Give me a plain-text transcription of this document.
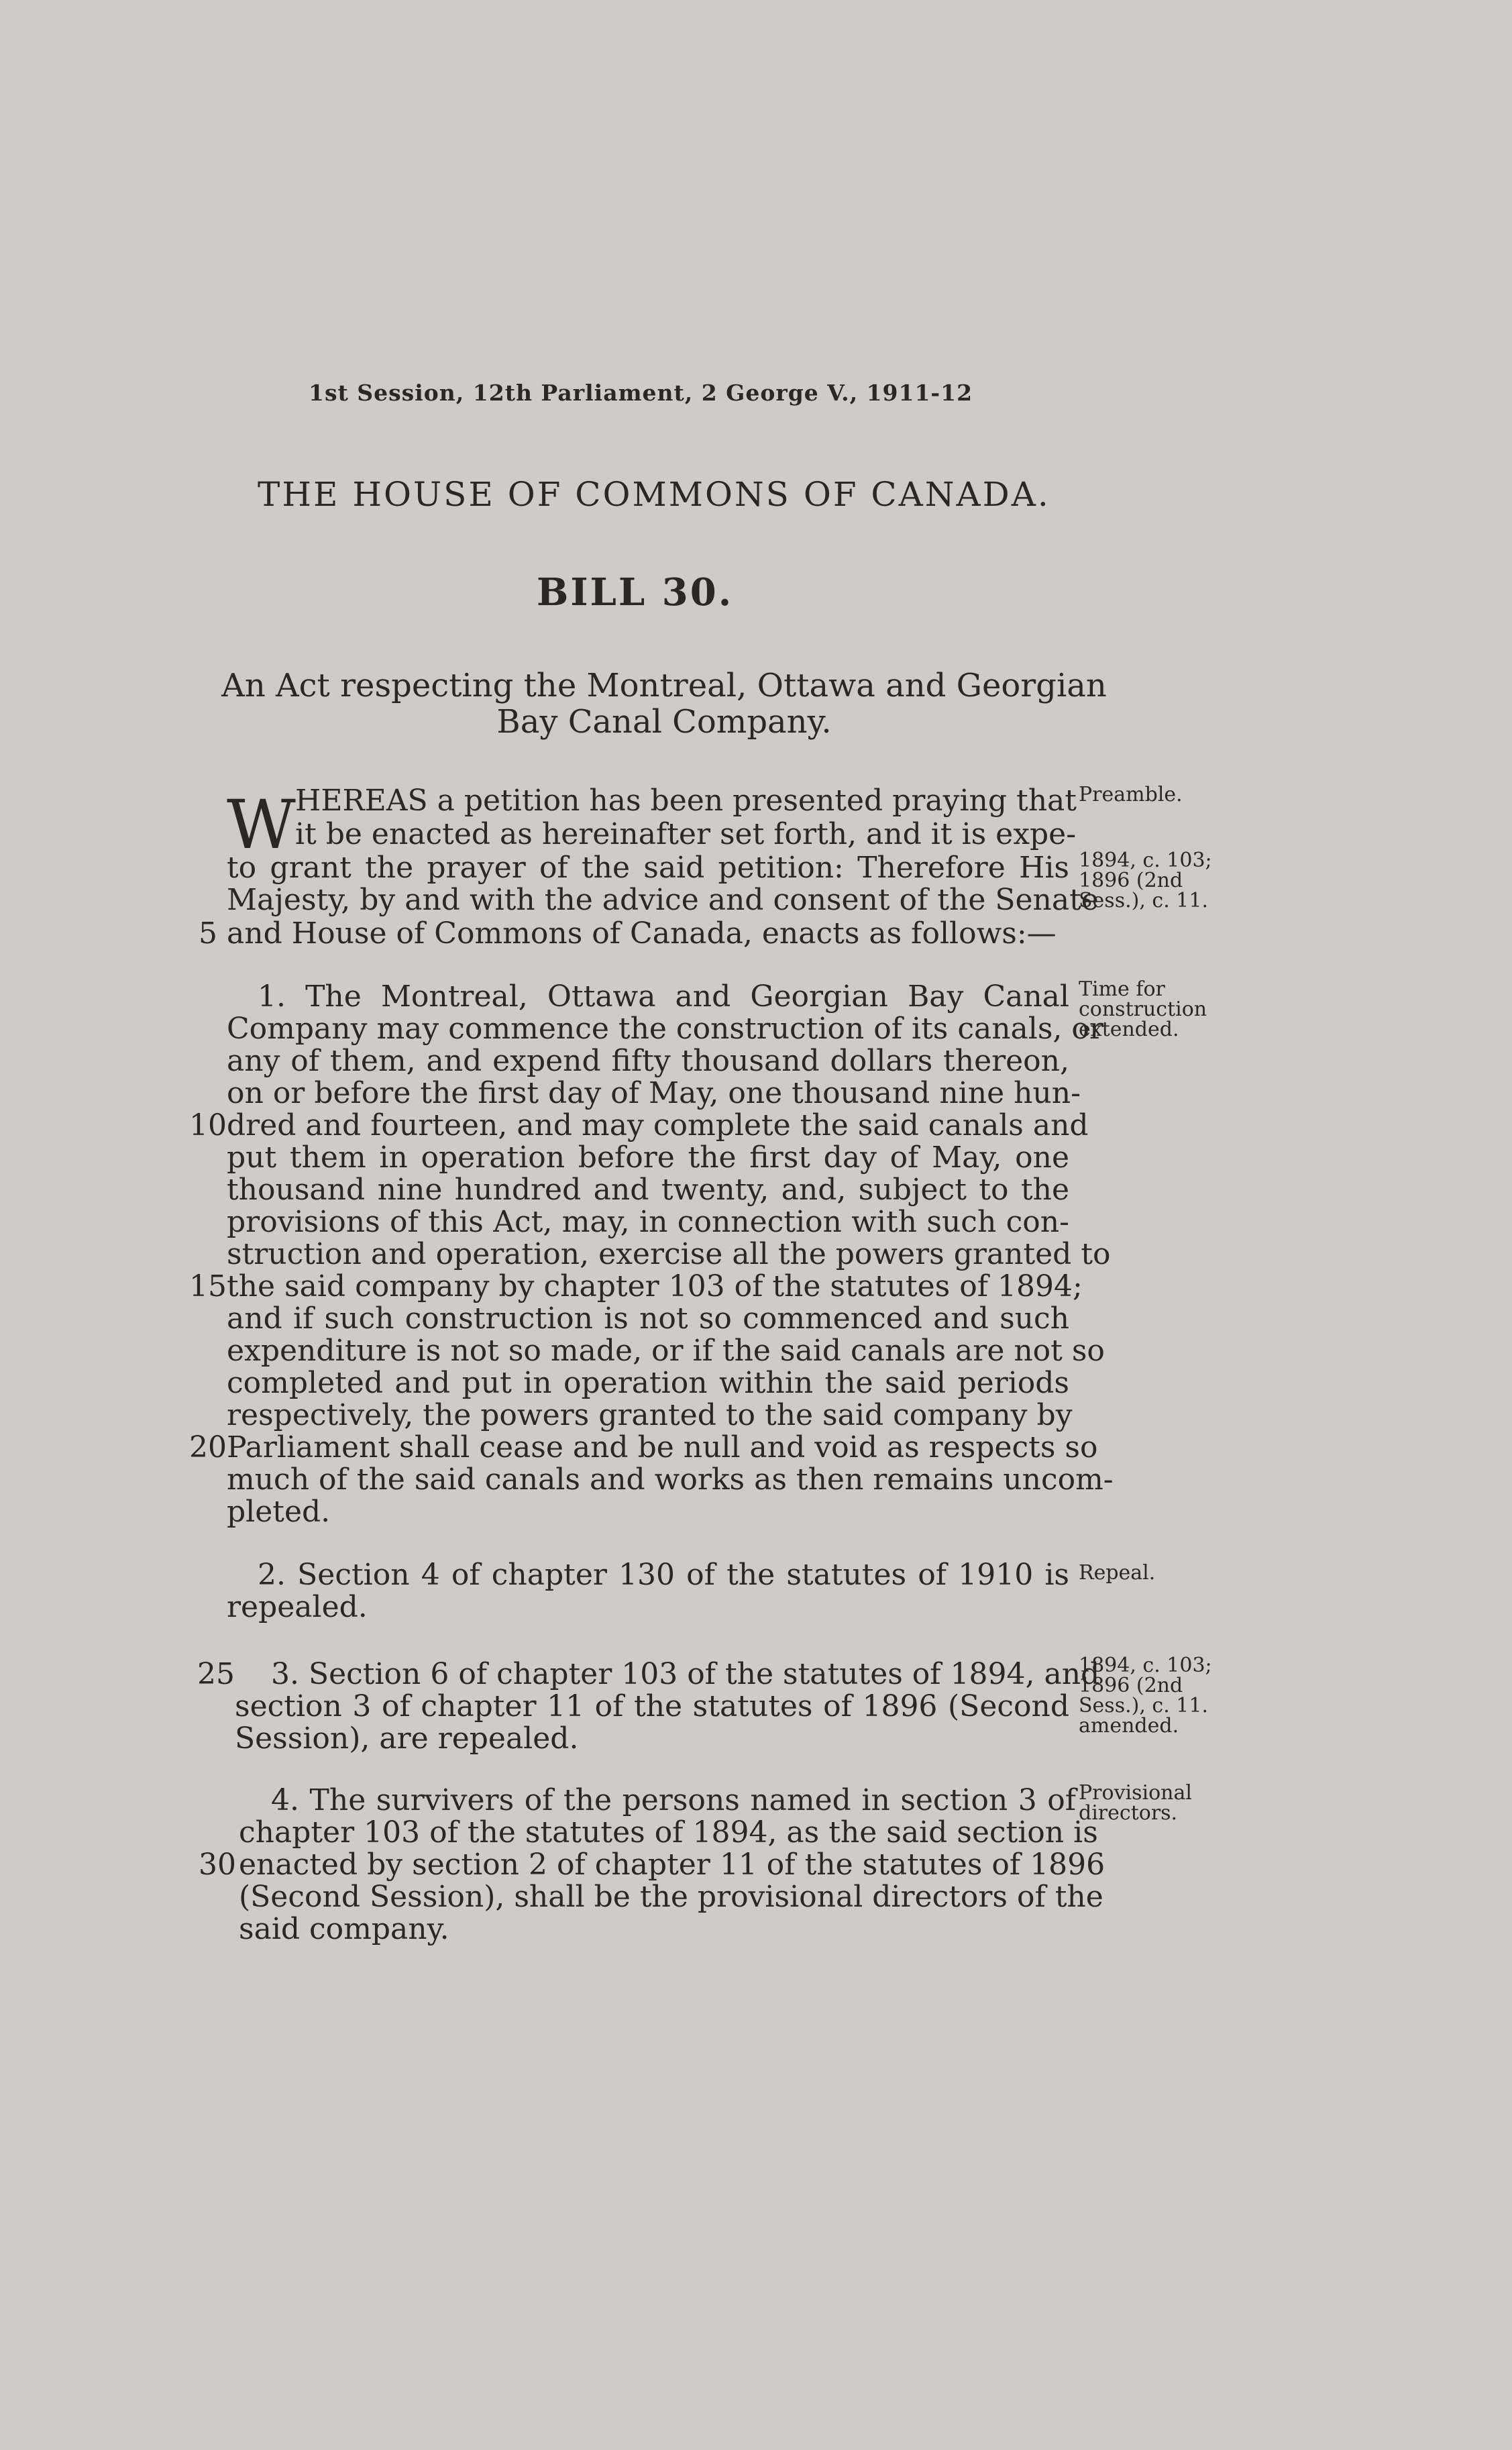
1st Session, 12th Parliament, 2 George V., 1911-12
THE HOUSE OF COMMONS OF CANADA.
BILL 30.
An Act respecting the Montreal, Ottawa and Georgian Bay Canal Company.
W HEREAS a petition has been presented praying that
it be enacted as hereinafter set forth, and it is expe-
to grant the prayer of the said petition: Therefore His
Majesty, by and with the advice and consent of the Senate
and House of Commons of Canada, enacts as follows:—
5
Preamble.
1894, c. 103;
1896 (2nd
Sess.), c. 11.
1. The Montreal, Ottawa and Georgian Bay Canal
Company may commence the construction of its canals, or
any of them, and expend fifty thousand dollars thereon,
on or before the first day of May, one thousand nine hun-
dred and fourteen, and may complete the said canals and
put them in operation before the first day of May, one
thousand nine hundred and twenty, and, subject to the
provisions of this Act, may, in connection with such con-
struction and operation, exercise all the powers granted to
the said company by chapter 103 of the statutes of 1894;
and if such construction is not so commenced and such
expenditure is not so made, or if the said canals are not so
completed and put in operation within the said periods
respectively, the powers granted to the said company by
Parliament shall cease and be null and void as respects so
much of the said canals and works as then remains uncom-
pleted.
10
15
20
Time for
construction
extended.
2. Section 4 of chapter 130 of the statutes of 1910 is
repealed.
Repeal.
3. Section 6 of chapter 103 of the statutes of 1894, and
section 3 of chapter 11 of the statutes of 1896 (Second
Session), are repealed.
25	1894, c. 103;
1896 (2nd
Sess.), c. 11.
amended.
4. The survivers of the persons named in section 3 of
chapter 103 of the statutes of 1894, as the said section is
enacted by section 2 of chapter 11 of the statutes of 1896
(Second Session), shall be the provisional directors of the
said company.
30
Provisional
directors.
